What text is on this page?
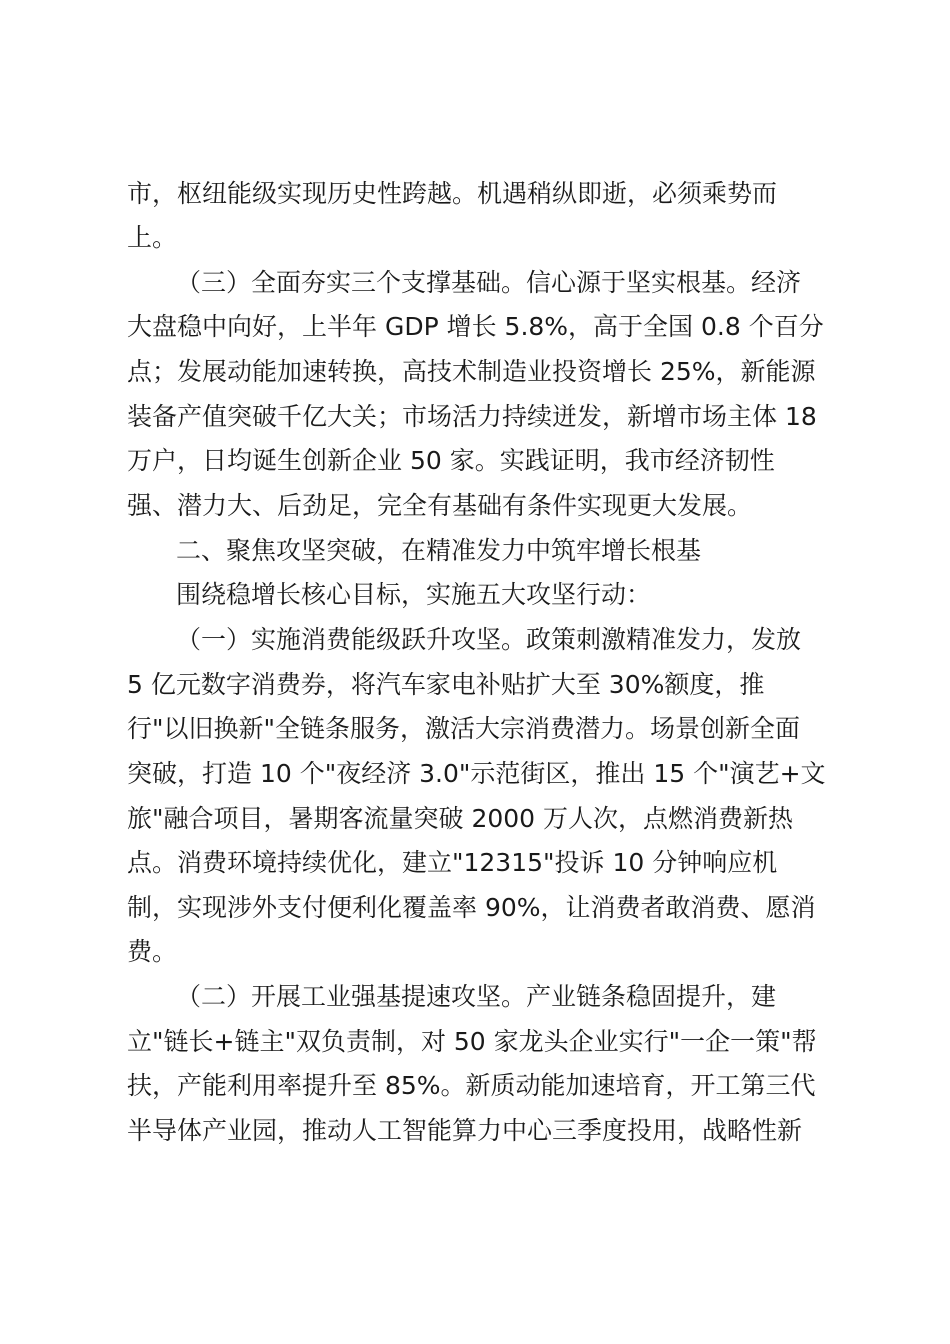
市，枢纽能级实现历史性跨越。机遇稍纵即逝，必须乘势而
上。
（三）全面夯实三个支撑基础。信心源于坚实根基。经济
大盘稳中向好，上半年 GDP 增长 5.8%，高于全国 0.8 个百分
点；发展动能加速转换，高技术制造业投资增长 25%，新能源
装备产值突破千亿大关；市场活力持续迸发，新增市场主体 18
万户，日均诞生创新企业 50 家。实践证明，我市经济韧性
强、潜力大、后劲足，完全有基础有条件实现更大发展。
二、聚焦攻坚突破，在精准发力中筑牢增长根基
围绕稳增长核心目标，实施五大攻坚行动：
（一）实施消费能级跃升攻坚。政策刺激精准发力，发放
5 亿元数字消费券，将汽车家电补贴扩大至 30%额度，推
行"以旧换新"全链条服务，激活大宗消费潜力。场景创新全面
突破，打造 10 个"夜经济 3.0"示范街区，推出 15 个"演艺+文
旅"融合项目，暑期客流量突破 2000 万人次，点燃消费新热
点。消费环境持续优化，建立"12315"投诉 10 分钟响应机
制，实现涉外支付便利化覆盖率 90%，让消费者敢消费、愿消
费。
（二）开展工业强基提速攻坚。产业链条稳固提升，建
立"链长+链主"双负责制，对 50 家龙头企业实行"一企一策"帮
扶，产能利用率提升至 85%。新质动能加速培育，开工第三代
半导体产业园，推动人工智能算力中心三季度投用，战略性新
